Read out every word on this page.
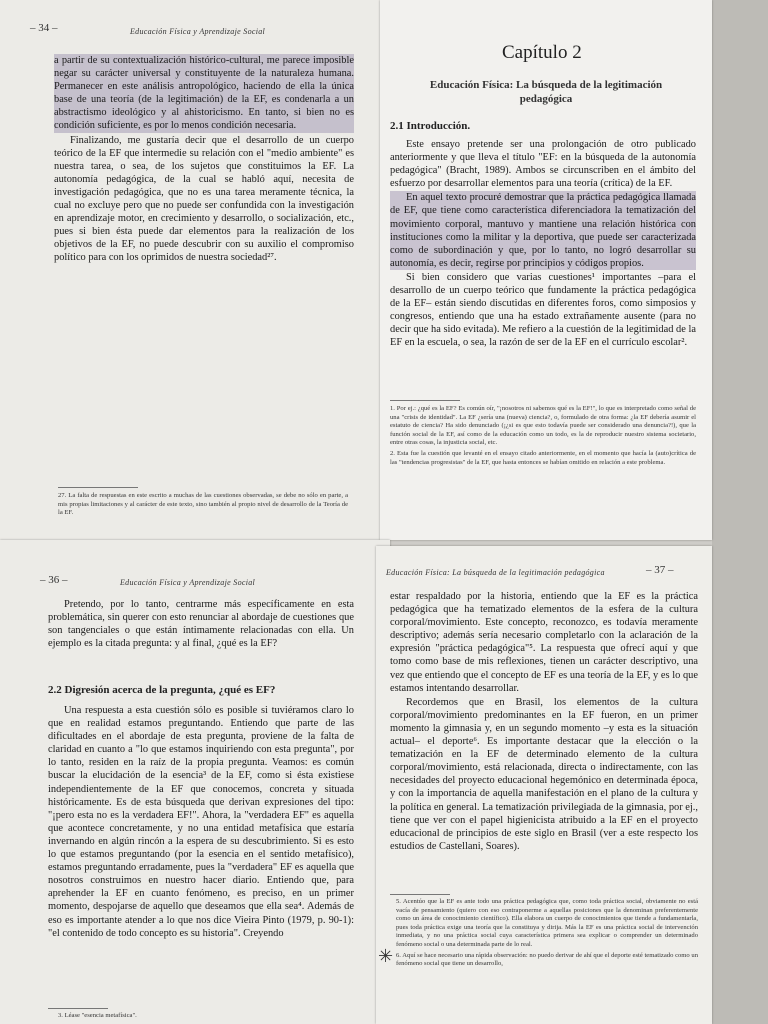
– 34 –	Educación Física y Aprendizaje Social

a partir de su contextualización histórico-cultural, me parece imposible negar su carácter universal y constituyente de la naturaleza humana. Permanecer en este análisis antropológico, haciendo de ella la única base de una teoría (de la legitimación) de la EF, es condenarla a un abstractismo ideológico y al ahistoricismo. En tanto, si bien no es condición suficiente, es por lo menos condición necesaria.

Finalizando, me gustaría decir que el desarrollo de un cuerpo teórico de la EF que intermedie su relación con el "medio ambiente" es nuestra tarea, o sea, de los sujetos que constituimos la EF. La autonomía pedagógica, de la cual se habló aquí, necesita de investigación pedagógica, que no es una tarea meramente técnica, la cual no excluye pero que no puede ser confundida con la investigación en aprendizaje motor, en crecimiento y desarrollo, o socialización, etc., pues si bien ésta puede dar elementos para la realización de los objetivos de la EF, no puede descubrir con su auxilio el compromiso político para con los oprimidos de nuestra sociedad²⁷.

27. La falta de respuestas en este escrito a muchas de las cuestiones observadas, se debe no sólo en parte, a mis propias limitaciones y al carácter de este texto, sino también al propio nivel de desarrollo de la Teoría de la EF.

Capítulo 2
Educación Física: La búsqueda de la legitimación pedagógica
2.1 Introducción.

Este ensayo pretende ser una prolongación de otro publicado anteriormente y que lleva el título "EF: en la búsqueda de la autonomía pedagógica" (Bracht, 1989). Ambos se circunscriben en el ámbito del esfuerzo por desarrollar elementos para una teoría (crítica) de la EF.

En aquel texto procuré demostrar que la práctica pedagógica llamada de EF, que tiene como característica diferenciadora la tematización del movimiento corporal, mantuvo y mantiene una relación histórica con instituciones como la militar y la deportiva, que puede ser caracterizada como de subordinación y que, por lo tanto, no logró desarrollar su autonomía, es decir, regirse por principios y códigos propios.

Si bien considero que varias cuestiones¹ importantes –para el desarrollo de un cuerpo teórico que fundamente la práctica pedagógica de la EF– están siendo discutidas en diferentes foros, como simposios y congresos, entiendo que una ha estado extrañamente ausente (para no decir que ha sido evitada). Me refiero a la cuestión de la legitimidad de la EF en la escuela, o sea, la razón de ser de la EF en el currículo escolar².

1. Por ej.: ¿qué es la EF? Es común oír, "¡nosotros ni sabemos qué es la EF!", lo que es interpretado como señal de una "crisis de identidad". La EF ¿sería una (nueva) ciencia?, o, formulado de otra forma: ¿la EF debería asumir el estatuto de ciencia? Ha sido denunciado (¡¿si es que esto todavía puede ser considerado una denuncia?!), que la función social de la EF, así como de la educación como un todo, es la de reproducir nuestro sistema societario, entre otras cosas, la injusticia social, etc.

2. Esta fue la cuestión que levanté en el ensayo citado anteriormente, en el momento que hacía la (auto)crítica de las "tendencias progresistas" de la EF, que hasta entonces se habían omitido en relación a este problema.

– 36 –	Educación Física y Aprendizaje Social

Pretendo, por lo tanto, centrarme más específicamente en esta problemática, sin querer con esto renunciar al abordaje de cuestiones que son tangenciales o que están íntimamente relacionadas con ella. Un ejemplo es la citada pregunta: y al final, ¿qué es la EF?

2.2 Digresión acerca de la pregunta, ¿qué es EF?

Una respuesta a esta cuestión sólo es posible si tuviéramos claro lo que en realidad estamos preguntando. Entiendo que parte de las dificultades en el abordaje de esta pregunta, proviene de la falta de claridad en cuanto a "lo que estamos inquiriendo con esta pregunta", por lo tanto, residen en la raíz de la propia pregunta. Veamos: es común buscar la elucidación de la esencia³ de la EF, como si ésta existiese independientemente de la EF que conocemos, concreta y situada históricamente. Es de esta búsqueda que derivan expresiones del tipo: "¡pero esta no es la verdadera EF!". Ahora, la "verdadera EF" es aquella que acontece concretamente, y no una entidad metafísica que estaría invernando en algún rincón a la espera de su descubrimiento. Si es esto lo que estamos preguntando (por la esencia en el sentido metafísico), estamos preguntando erradamente, pues la "verdadera" EF es aquella que nosotros construimos en nuestro hacer diario. Entiendo que, para aprehender la EF en cuanto fenómeno, es preciso, en un primer momento, despojarse de aquello que deseamos que ella sea⁴. Además de eso es importante atender a lo que nos dice Vieira Pinto (1979, p. 90-1): "el contenido de todo concepto es su historia". Creyendo

3. Léase "esencia metafísica".

Educación Física: La búsqueda de la legitimación pedagógica	– 37 –

estar respaldado por la historia, entiendo que la EF es la práctica pedagógica que ha tematizado elementos de la esfera de la cultura corporal/movimiento. Este concepto, reconozco, es todavía meramente descriptivo; además sería necesario completarlo con la aclaración de la expresión "práctica pedagógica"⁵. La respuesta que ofrecí aquí y que tomo como base de mis reflexiones, tienen un carácter descriptivo, una vez que entiendo que el concepto de EF es una teoría de la EF, y es lo que estamos intentando desarrollar.

Recordemos que en Brasil, los elementos de la cultura corporal/movimiento predominantes en la EF fueron, en un primer momento la gimnasia y, en un segundo momento –y esta es la situación actual– el deporte⁶. Es importante destacar que la elección o la tematización en la EF de determinado elemento de la cultura corporal/movimiento, está relacionada, directa o indirectamente, con las necesidades del proyecto educacional hegemónico en determinada época, y con la importancia de aquella manifestación en el plano de la cultura y la política en general. La tematización privilegiada de la gimnasia, por ej., tiene que ver con el papel higienicista atribuido a la EF en el proyecto educacional de principios de este siglo en Brasil (ver a este respecto los estudios de Castellani, Soares).

5. Acentúo que la EF es ante todo una práctica pedagógica que, como toda práctica social, obviamente no está vacía de pensamiento (quiero con eso contraponerme a aquellas posiciones que la denominan preferentemente como un área de conocimiento científico). Ella elabora un cuerpo de conocimientos que tiende a fundamentarla, pues toda práctica exige una teoría que la constituya y dirija. Más la EF es una práctica social de intervención inmediata, y no una práctica social cuya característica primera sea explicar o comprender un determinado fenómeno social o una determinada parte de lo real.

6. Aquí se hace necesario una rápida observación: no puedo derivar de ahí que el deporte esté tematizado como un fenómeno social que tiene un desarrollo,

✳
